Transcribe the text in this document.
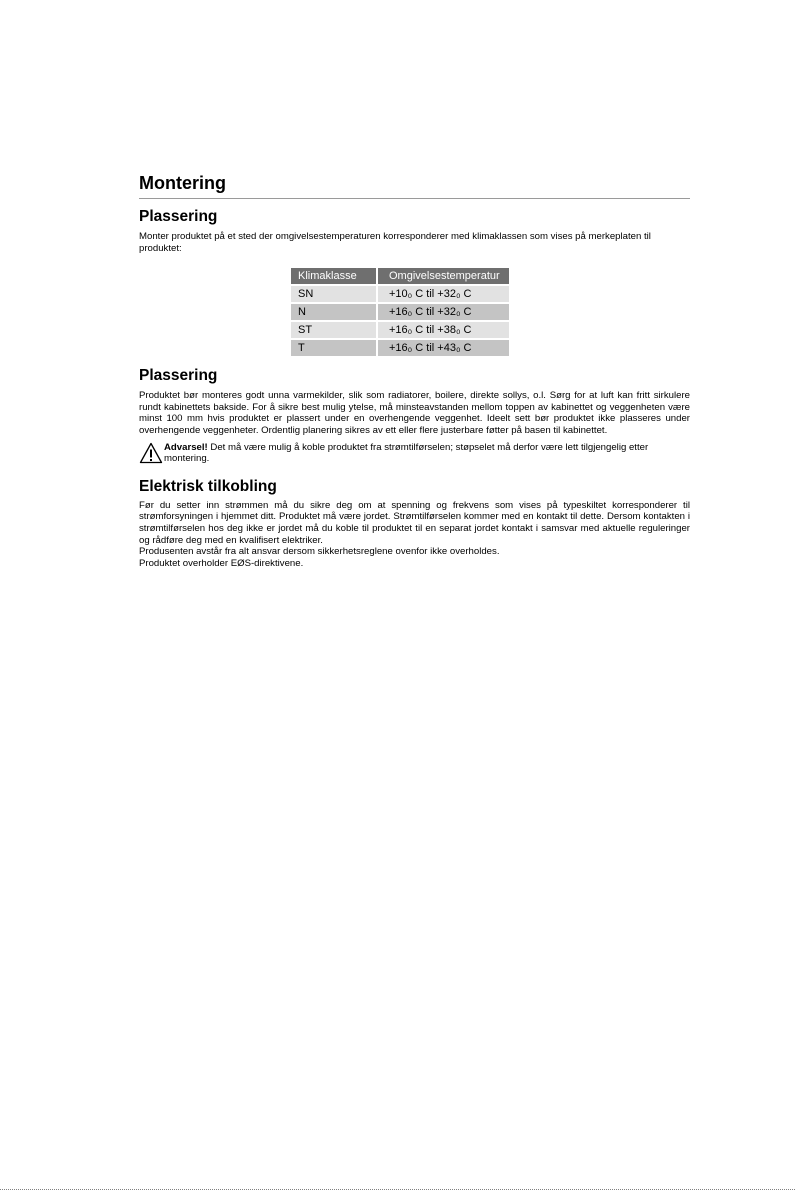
Montering
Plassering

Monter produktet på et sted der omgivelsestemperaturen korresponderer med klimaklassen som vises på merkeplaten til produktet:

Klimaklasse	Omgivelsestemperatur
SN	+10₀ C til +32₀ C
N	+16₀ C til +32₀ C
ST	+16₀ C til +38₀ C
T	+16₀ C til +43₀ C
Plassering

Produktet bør monteres godt unna varmekilder, slik som radiatorer, boilere, direkte sollys, o.l. Sørg for at luft kan fritt sirkulere rundt kabinettets bakside. For å sikre best mulig ytelse, må minsteavstanden mellom toppen av kabinettet og veggenheten være minst 100 mm hvis produktet er plassert under en overhengende veggenhet. Ideelt sett bør produktet ikke plasseres under overhengende veggenheter. Ordentlig planering sikres av ett eller flere justerbare føtter på basen til kabinettet.

Advarsel! Det må være mulig å koble produktet fra strømtilførselen; støpselet må derfor være lett tilgjengelig etter montering.

Elektrisk tilkobling

Før du setter inn strømmen må du sikre deg om at spenning og frekvens som vises på typeskiltet korresponderer til strømforsyningen i hjemmet ditt. Produktet må være jordet. Strømtilførselen kommer med en kontakt til dette. Dersom kontakten i strømtilførselen hos deg ikke er jordet må du koble til produktet til en separat jordet kontakt i samsvar med aktuelle reguleringer og rådføre deg med en kvalifisert elektriker.

Produsenten avstår fra alt ansvar dersom sikkerhetsreglene ovenfor ikke overholdes.

Produktet overholder EØS-direktivene.
